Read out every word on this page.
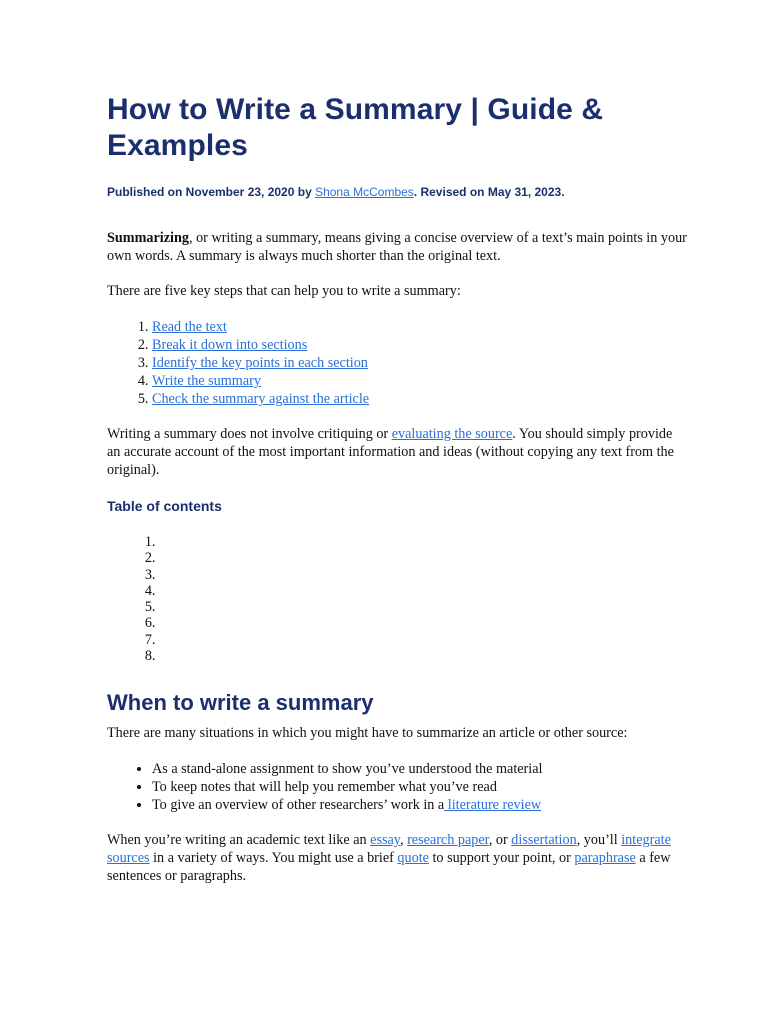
How to Write a Summary | Guide & Examples
Published on November 23, 2020 by Shona McCombes. Revised on May 31, 2023.

Summarizing, or writing a summary, means giving a concise overview of a text’s main points in your own words. A summary is always much shorter than the original text.

There are five key steps that can help you to write a summary:

1. Read the text
2. Break it down into sections
3. Identify the key points in each section
4. Write the summary
5. Check the summary against the article

Writing a summary does not involve critiquing or evaluating the source. You should simply provide an accurate account of the most important information and ideas (without copying any text from the original).

Table of contents
1.
2.
3.
4.
5.
6.
7.
8.
When to write a summary

There are many situations in which you might have to summarize an article or other source:

• As a stand-alone assignment to show you’ve understood the material
• To keep notes that will help you remember what you’ve read
• To give an overview of other researchers’ work in a literature review

When you’re writing an academic text like an essay, research paper, or dissertation, you’ll integrate sources in a variety of ways. You might use a brief quote to support your point, or paraphrase a few sentences or paragraphs.
